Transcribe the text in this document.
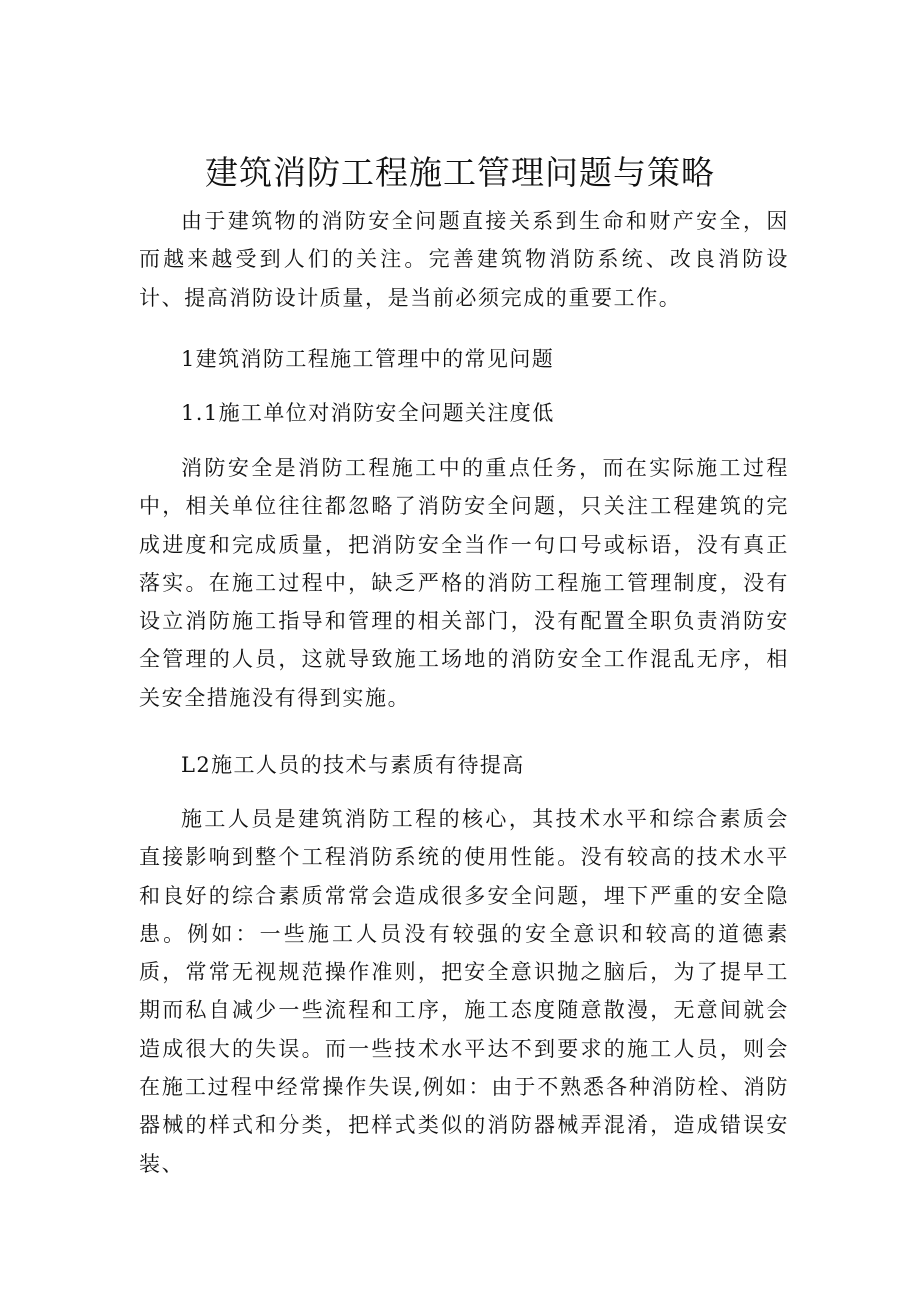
建筑消防工程施工管理问题与策略

由于建筑物的消防安全问题直接关系到生命和财产安全，因而越来越受到人们的关注。完善建筑物消防系统、改良消防设计、提高消防设计质量，是当前必须完成的重要工作。

1建筑消防工程施工管理中的常见问题

1.1施工单位对消防安全问题关注度低

消防安全是消防工程施工中的重点任务，而在实际施工过程中，相关单位往往都忽略了消防安全问题，只关注工程建筑的完成进度和完成质量，把消防安全当作一句口号或标语，没有真正落实。在施工过程中，缺乏严格的消防工程施工管理制度，没有设立消防施工指导和管理的相关部门，没有配置全职负责消防安全管理的人员，这就导致施工场地的消防安全工作混乱无序，相关安全措施没有得到实施。

L2施工人员的技术与素质有待提高

施工人员是建筑消防工程的核心，其技术水平和综合素质会直接影响到整个工程消防系统的使用性能。没有较高的技术水平和良好的综合素质常常会造成很多安全问题，埋下严重的安全隐患。例如：一些施工人员没有较强的安全意识和较高的道德素质，常常无视规范操作准则，把安全意识抛之脑后，为了提早工期而私自减少一些流程和工序，施工态度随意散漫，无意间就会造成很大的失误。而一些技术水平达不到要求的施工人员，则会在施工过程中经常操作失误,例如：由于不熟悉各种消防栓、消防器械的样式和分类，把样式类似的消防器械弄混淆，造成错误安装、
